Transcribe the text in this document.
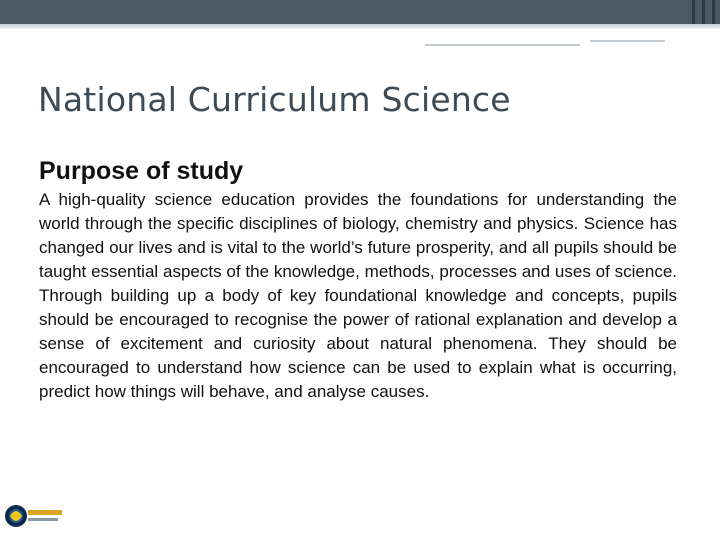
National Curriculum Science
Purpose of study

A high-quality science education provides the foundations for understanding the world through the specific disciplines of biology, chemistry and physics. Science has changed our lives and is vital to the world’s future prosperity, and all pupils should be taught essential aspects of the knowledge, methods, processes and uses of science. Through building up a body of key foundational knowledge and concepts, pupils should be encouraged to recognise the power of rational explanation and develop a sense of excitement and curiosity about natural phenomena. They should be encouraged to understand how science can be used to explain what is occurring, predict how things will behave, and analyse causes.
